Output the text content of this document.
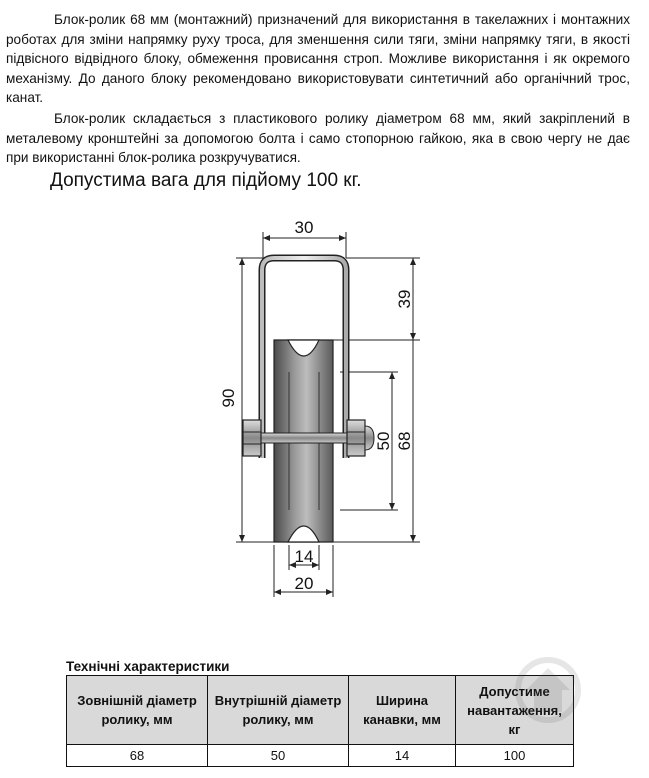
Блок-ролик 68 мм (монтажний) призначений для використання в такелажних і монтажних роботах для зміни напрямку руху троса, для зменшення сили тяги, зміни напрямку тяги, в якості підвісного відвідного блоку, обмеження провисання строп. Можливе використання і як окремого механізму. До даного блоку рекомендовано використовувати синтетичний або органічний трос, канат.

Блок-ролик складається з пластикового ролику діаметром 68 мм, який закріплений в металевому кронштейні за допомогою болта і само стопорною гайкою, яка в свою чергу не дає при використанні блок-ролика розкручуватися.

Допустима вага для підйому 100 кг.

30
90
39
68
50
14
20

Технічні характеристики

Зовнішній діаметр ролику, мм	Внутрішній діаметр ролику, мм	Ширина канавки, мм	Допустиме навантаження, кг
68	50	14	100
